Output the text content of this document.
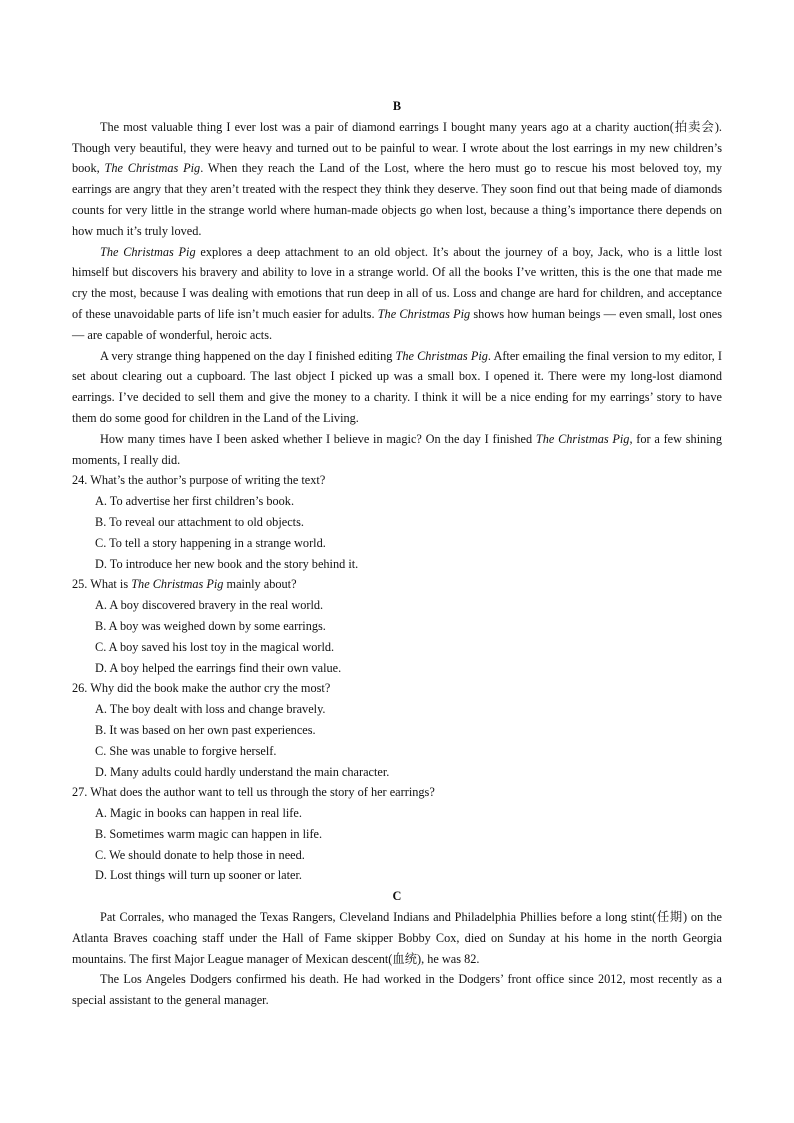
B

The most valuable thing I ever lost was a pair of diamond earrings I bought many years ago at a charity auction(拍卖会). Though very beautiful, they were heavy and turned out to be painful to wear. I wrote about the lost earrings in my new children’s book, The Christmas Pig. When they reach the Land of the Lost, where the hero must go to rescue his most beloved toy, my earrings are angry that they aren’t treated with the respect they think they deserve. They soon find out that being made of diamonds counts for very little in the strange world where human-made objects go when lost, because a thing’s importance there depends on how much it’s truly loved.

The Christmas Pig explores a deep attachment to an old object. It’s about the journey of a boy, Jack, who is a little lost himself but discovers his bravery and ability to love in a strange world. Of all the books I’ve written, this is the one that made me cry the most, because I was dealing with emotions that run deep in all of us. Loss and change are hard for children, and acceptance of these unavoidable parts of life isn’t much easier for adults. The Christmas Pig shows how human beings — even small, lost ones — are capable of wonderful, heroic acts.

A very strange thing happened on the day I finished editing The Christmas Pig. After emailing the final version to my editor, I set about clearing out a cupboard. The last object I picked up was a small box. I opened it. There were my long-lost diamond earrings. I’ve decided to sell them and give the money to a charity. I think it will be a nice ending for my earrings’ story to have them do some good for children in the Land of the Living.

How many times have I been asked whether I believe in magic? On the day I finished The Christmas Pig, for a few shining moments, I really did.

24. What’s the author’s purpose of writing the text?

A. To advertise her first children’s book.
B. To reveal our attachment to old objects.
C. To tell a story happening in a strange world.
D. To introduce her new book and the story behind it.

25. What is The Christmas Pig mainly about?

A. A boy discovered bravery in the real world.
B. A boy was weighed down by some earrings.
C. A boy saved his lost toy in the magical world.
D. A boy helped the earrings find their own value.

26. Why did the book make the author cry the most?

A. The boy dealt with loss and change bravely.
B. It was based on her own past experiences.
C. She was unable to forgive herself.
D. Many adults could hardly understand the main character.

27. What does the author want to tell us through the story of her earrings?

A. Magic in books can happen in real life.
B. Sometimes warm magic can happen in life.
C. We should donate to help those in need.
D. Lost things will turn up sooner or later.
C

Pat Corrales, who managed the Texas Rangers, Cleveland Indians and Philadelphia Phillies before a long stint(任期) on the Atlanta Braves coaching staff under the Hall of Fame skipper Bobby Cox, died on Sunday at his home in the north Georgia mountains. The first Major League manager of Mexican descent(血统), he was 82.

The Los Angeles Dodgers confirmed his death. He had worked in the Dodgers’ front office since 2012, most recently as a special assistant to the general manager.
